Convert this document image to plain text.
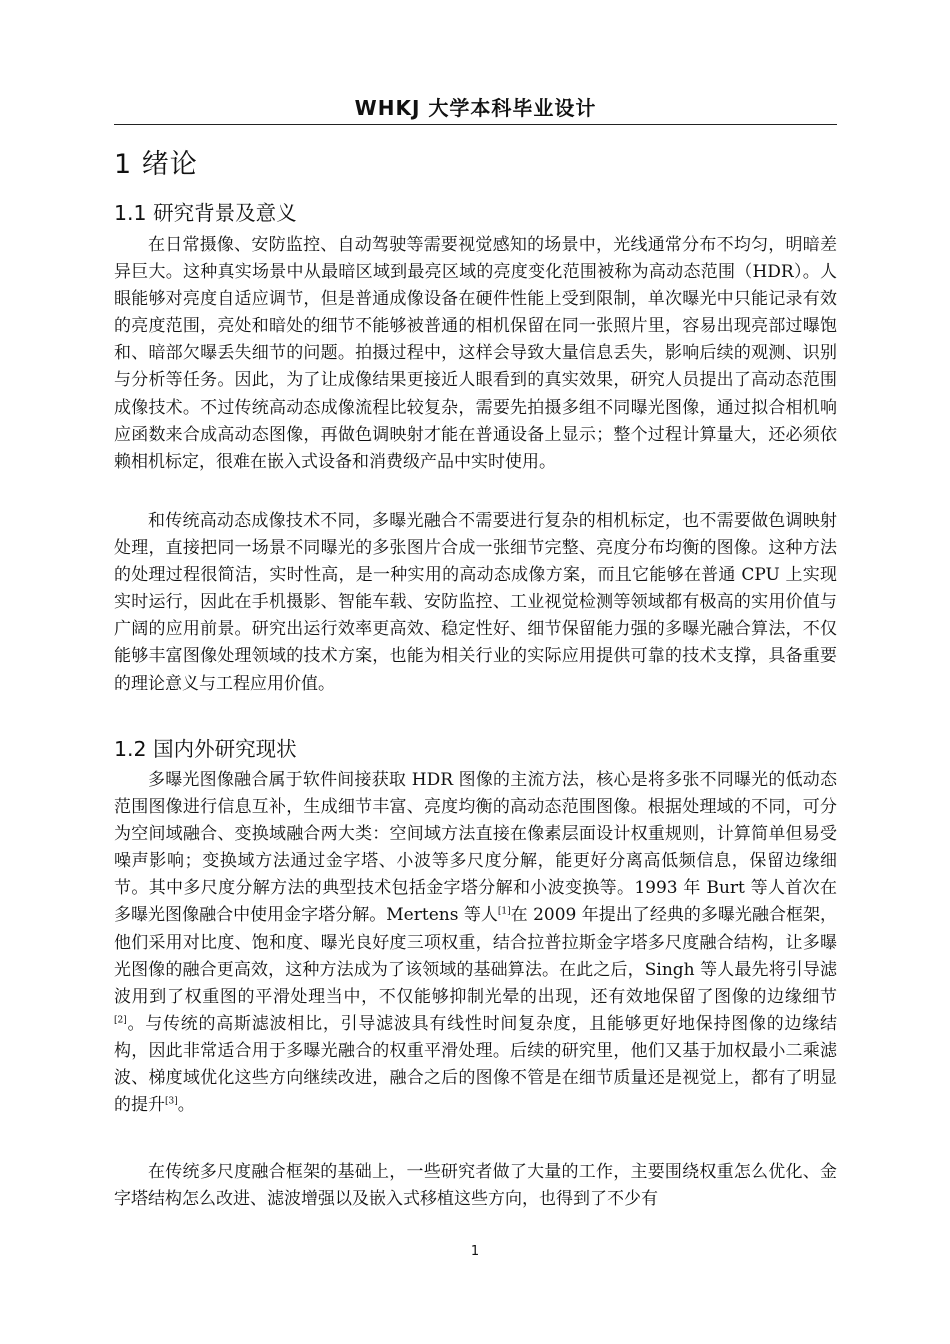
WHKJ 大学本科毕业设计
1 绪论
1.1 研究背景及意义

在日常摄像、安防监控、自动驾驶等需要视觉感知的场景中，光线通常分布不均匀，明暗差异巨大。这种真实场景中从最暗区域到最亮区域的亮度变化范围被称为高动态范围（HDR）。人眼能够对亮度自适应调节，但是普通成像设备在硬件性能上受到限制，单次曝光中只能记录有效的亮度范围，亮处和暗处的细节不能够被普通的相机保留在同一张照片里，容易出现亮部过曝饱和、暗部欠曝丢失细节的问题。拍摄过程中，这样会导致大量信息丢失，影响后续的观测、识别与分析等任务。因此，为了让成像结果更接近人眼看到的真实效果，研究人员提出了高动态范围成像技术。不过传统高动态成像流程比较复杂，需要先拍摄多组不同曝光图像，通过拟合相机响应函数来合成高动态图像，再做色调映射才能在普通设备上显示；整个过程计算量大，还必须依赖相机标定，很难在嵌入式设备和消费级产品中实时使用。

和传统高动态成像技术不同，多曝光融合不需要进行复杂的相机标定，也不需要做色调映射处理，直接把同一场景不同曝光的多张图片合成一张细节完整、亮度分布均衡的图像。这种方法的处理过程很简洁，实时性高，是一种实用的高动态成像方案，而且它能够在普通 CPU 上实现实时运行，因此在手机摄影、智能车载、安防监控、工业视觉检测等领域都有极高的实用价值与广阔的应用前景。研究出运行效率更高效、稳定性好、细节保留能力强的多曝光融合算法，不仅能够丰富图像处理领域的技术方案，也能为相关行业的实际应用提供可靠的技术支撑，具备重要的理论意义与工程应用价值。

1.2 国内外研究现状

多曝光图像融合属于软件间接获取 HDR 图像的主流方法，核心是将多张不同曝光的低动态范围图像进行信息互补，生成细节丰富、亮度均衡的高动态范围图像。根据处理域的不同，可分为空间域融合、变换域融合两大类：空间域方法直接在像素层面设计权重规则，计算简单但易受噪声影响；变换域方法通过金字塔、小波等多尺度分解，能更好分离高低频信息，保留边缘细节。其中多尺度分解方法的典型技术包括金字塔分解和小波变换等。1993 年 Burt 等人首次在多曝光图像融合中使用金字塔分解。Mertens 等人[1]在 2009 年提出了经典的多曝光融合框架，他们采用对比度、饱和度、曝光良好度三项权重，结合拉普拉斯金字塔多尺度融合结构，让多曝光图像的融合更高效，这种方法成为了该领域的基础算法。在此之后，Singh 等人最先将引导滤波用到了权重图的平滑处理当中，不仅能够抑制光晕的出现，还有效地保留了图像的边缘细节[2]。与传统的高斯滤波相比，引导滤波具有线性时间复杂度，且能够更好地保持图像的边缘结构，因此非常适合用于多曝光融合的权重平滑处理。后续的研究里，他们又基于加权最小二乘滤波、梯度域优化这些方向继续改进，融合之后的图像不管是在细节质量还是视觉上，都有了明显的提升[3]。

在传统多尺度融合框架的基础上，一些研究者做了大量的工作，主要围绕权重怎么优化、金字塔结构怎么改进、滤波增强以及嵌入式移植这些方向，也得到了不少有

1
